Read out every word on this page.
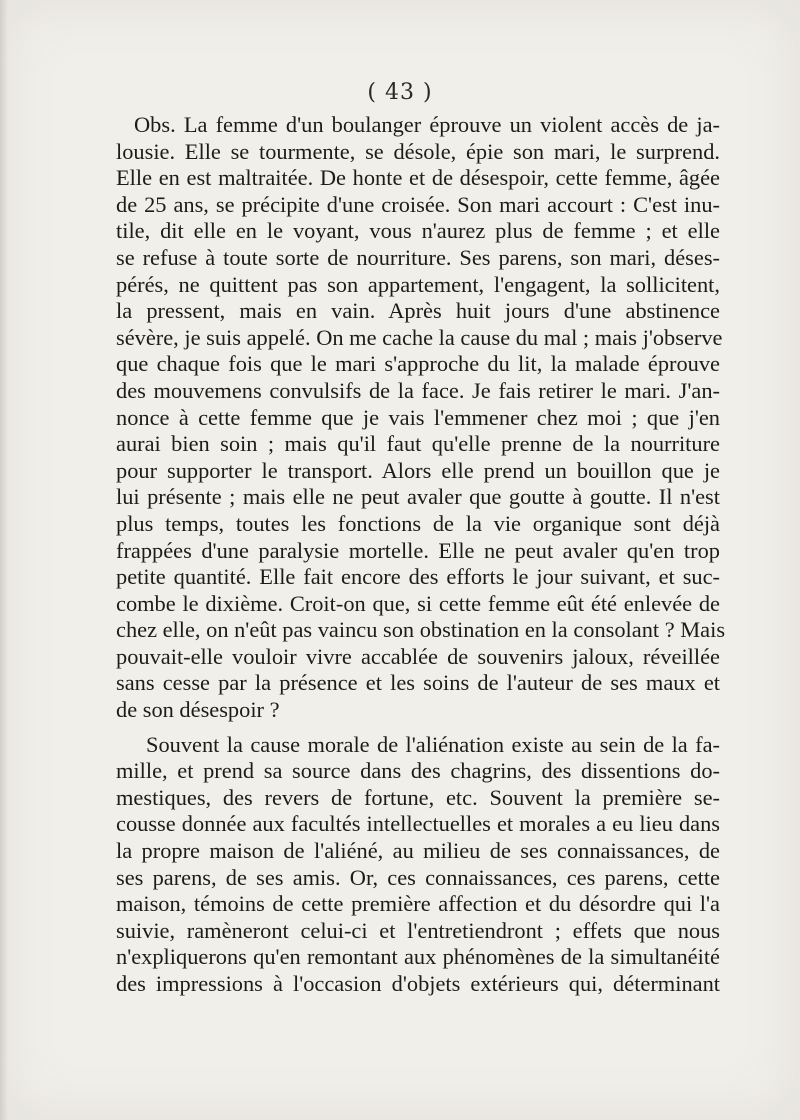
( 43 )
Obs. La femme d'un boulanger éprouve un violent accès de ja-
lousie. Elle se tourmente, se désole, épie son mari, le surprend.
Elle en est maltraitée. De honte et de désespoir, cette femme, âgée
de 25 ans, se précipite d'une croisée. Son mari accourt : C'est inu-
tile, dit elle en le voyant, vous n'aurez plus de femme ; et elle
se refuse à toute sorte de nourriture. Ses parens, son mari, déses-
pérés, ne quittent pas son appartement, l'engagent, la sollicitent,
la pressent, mais en vain. Après huit jours d'une abstinence
sévère, je suis appelé. On me cache la cause du mal ; mais j'observe
que chaque fois que le mari s'approche du lit, la malade éprouve
des mouvemens convulsifs de la face. Je fais retirer le mari. J'an-
nonce à cette femme que je vais l'emmener chez moi ; que j'en
aurai bien soin ; mais qu'il faut qu'elle prenne de la nourriture
pour supporter le transport. Alors elle prend un bouillon que je
lui présente ; mais elle ne peut avaler que goutte à goutte. Il n'est
plus temps, toutes les fonctions de la vie organique sont déjà
frappées d'une paralysie mortelle. Elle ne peut avaler qu'en trop
petite quantité. Elle fait encore des efforts le jour suivant, et suc-
combe le dixième. Croit-on que, si cette femme eût été enlevée de
chez elle, on n'eût pas vaincu son obstination en la consolant ? Mais
pouvait-elle vouloir vivre accablée de souvenirs jaloux, réveillée
sans cesse par la présence et les soins de l'auteur de ses maux et
de son désespoir ?
Souvent la cause morale de l'aliénation existe au sein de la fa-
mille, et prend sa source dans des chagrins, des dissentions do-
mestiques, des revers de fortune, etc. Souvent la première se-
cousse donnée aux facultés intellectuelles et morales a eu lieu dans
la propre maison de l'aliéné, au milieu de ses connaissances, de
ses parens, de ses amis. Or, ces connaissances, ces parens, cette
maison, témoins de cette première affection et du désordre qui l'a
suivie, ramèneront celui-ci et l'entretiendront ; effets que nous
n'expliquerons qu'en remontant aux phénomènes de la simultanéité
des impressions à l'occasion d'objets extérieurs qui, déterminant
